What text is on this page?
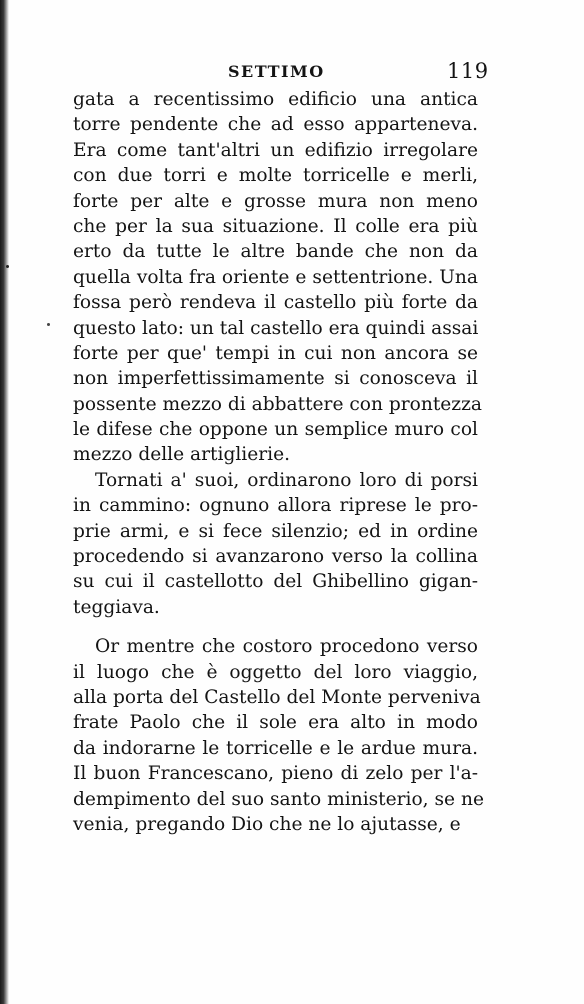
SETTIMO	119
gata a recentissimo edificio una antica
torre pendente che ad esso apparteneva.
Era come tant'altri un edifizio irregolare
con due torri e molte torricelle e merli,
forte per alte e grosse mura non meno
che per la sua situazione. Il colle era più
erto da tutte le altre bande che non da
quella volta fra oriente e settentrione. Una
fossa però rendeva il castello più forte da
questo lato: un tal castello era quindi assai
forte per que' tempi in cui non ancora se
non imperfettissimamente si conosceva il
possente mezzo di abbattere con prontezza
le difese che oppone un semplice muro col
mezzo delle artiglierie.
Tornati a' suoi, ordinarono loro di porsi
in cammino: ognuno allora riprese le pro-
prie armi, e si fece silenzio; ed in ordine
procedendo si avanzarono verso la collina
su cui il castellotto del Ghibellino gigan-
teggiava.
Or mentre che costoro procedono verso
il luogo che è oggetto del loro viaggio,
alla porta del Castello del Monte perveniva
frate Paolo che il sole era alto in modo
da indorarne le torricelle e le ardue mura.
Il buon Francescano, pieno di zelo per l'a-
dempimento del suo santo ministerio, se ne
venia, pregando Dio che ne lo ajutasse, e
